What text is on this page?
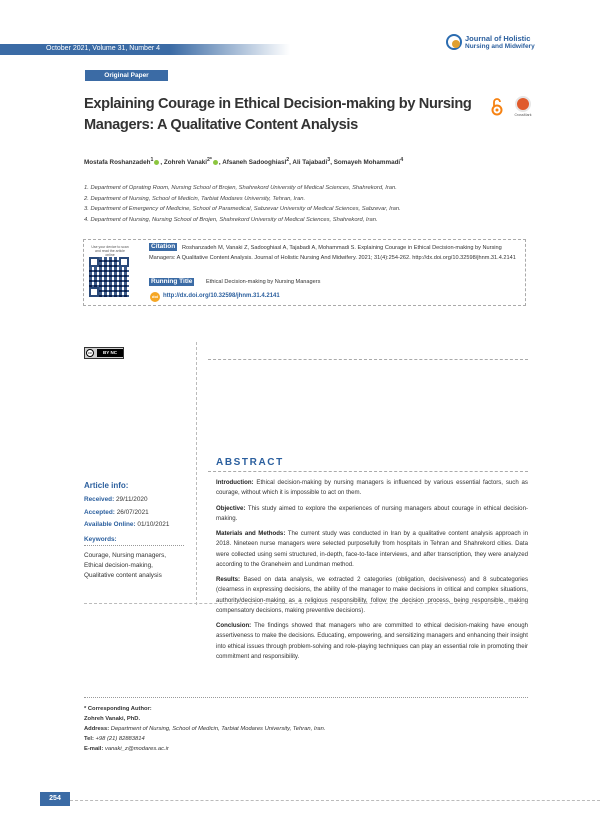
October 2021, Volume 31, Number 4
Journal of Holistic
Nursing and Midwifery
Original Paper
Explaining Courage in Ethical Decision-making by Nursing Managers: A Qualitative Content Analysis
CrossMark
Mostafa Roshanzadeh$^1$ , Zohreh Vanaki$^{2*}$ , Afsaneh Sadooghiasl$^2$, Ali Tajabadi$^3$, Somayeh Mohammadi$^4$
1. Department of Oprating Room, Nursing School of Brojen, Shahrekord University of Medical Sciences, Shahrekord, Iran.
2. Department of Nursing, School of Medicin, Tarbiat Modares University, Tehran, Iran.
3. Department of Emergency of Medicine, School of Paramedical, Sabzevar University of Medical Sciences, Sabzevar, Iran.
4. Department of Nursing, Nursing School of Brojen, Shahrekord University of Medical Sciences, Shahrekord, Iran.
Use your device to scan and read the article online
Roshanzadeh M, Vanaki Z, Sadooghiasl A, Tajabadi A, Mohammadi S. Explaining Courage in Ethical Decision-making by Nursing Managers: A Qualitative Content Analysis. Journal of Holistic Nursing And Midwifery. 2021; 31(4):254-262. http://dx.doi.org/10.32598/jhnm.31.4.2141
Citation
Running Title	Ethical Decision-making by Nursing Managers
doi http://dx.doi.org/10.32598/jhnm.31.4.2141
cc	BY NC
Article info:
Received: 29/11/2020
Accepted: 26/07/2021
Available Online: 01/10/2021
Keywords:
Courage, Nursing managers,
Ethical decision-making,
Qualitative content analysis
ABSTRACT

Introduction: Ethical decision-making by nursing managers is influenced by various essential factors, such as courage, without which it is impossible to act on them.

Objective: This study aimed to explore the experiences of nursing managers about courage in ethical decision-making.

Materials and Methods: The current study was conducted in Iran by a qualitative content analysis approach in 2018. Nineteen nurse managers were selected purposefully from hospitals in Tehran and Shahrekord cities. Data were collected using semi structured, in-depth, face-to-face interviews, and after transcription, they were analyzed according to the Graneheim and Lundman method.

Results: Based on data analysis, we extracted 2 categories (obligation, decisiveness) and 8 subcategories (clearness in expressing decisions, the ability of the manager to make decisions in critical and complex situations, authority/decision-making as a religious responsibility, follow the decision process, being responsible, making compensatory decisions, making preventive decisions).

Conclusion: The findings showed that managers who are committed to ethical decision-making have enough assertiveness to make the decisions. Educating, empowering, and sensitizing managers and enhancing their insight into ethical issues through problem-solving and role-playing techniques can play an essential role in promoting their commitment and responsibility.

* Corresponding Author:
Zohreh Vanaki, PhD.
Address: Department of Nursing, School of Medicin, Tarbiat Modares University, Tehran, Iran.
Tel: +98 (21) 82883814
E-mail: vanaki_z@modares.ac.ir
254
